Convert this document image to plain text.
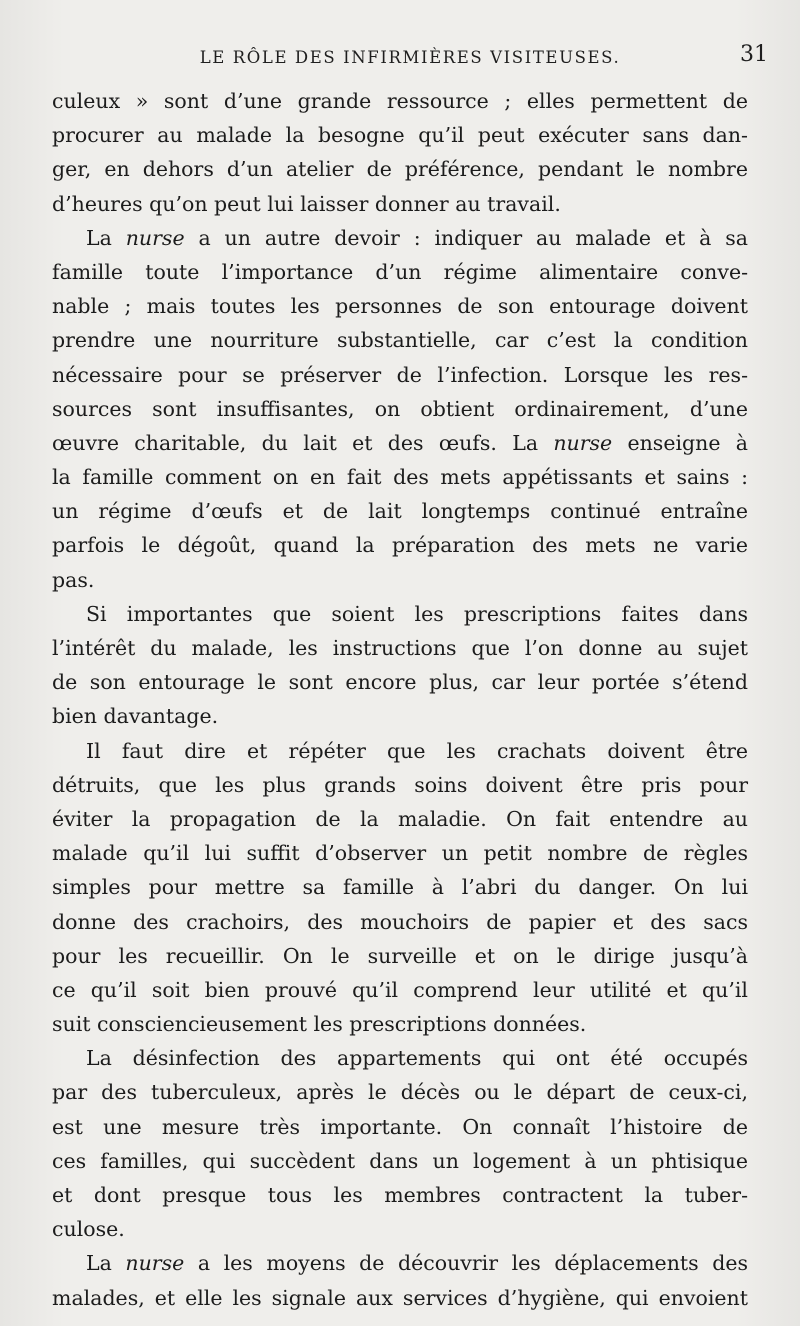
LE RÔLE DES INFIRMIÈRES VISITEUSES.	31
culeux » sont d’une grande ressource ; elles permettent de
procurer au malade la besogne qu’il peut exécuter sans dan-
ger, en dehors d’un atelier de préférence, pendant le nombre
d’heures qu’on peut lui laisser donner au travail.
La nurse a un autre devoir : indiquer au malade et à sa
famille toute l’importance d’un régime alimentaire conve-
nable ; mais toutes les personnes de son entourage doivent
prendre une nourriture substantielle, car c’est la condition
nécessaire pour se préserver de l’infection. Lorsque les res-
sources sont insuffisantes, on obtient ordinairement, d’une
œuvre charitable, du lait et des œufs. La nurse enseigne à
la famille comment on en fait des mets appétissants et sains :
un régime d’œufs et de lait longtemps continué entraîne
parfois le dégoût, quand la préparation des mets ne varie
pas.
Si importantes que soient les prescriptions faites dans
l’intérêt du malade, les instructions que l’on donne au sujet
de son entourage le sont encore plus, car leur portée s’étend
bien davantage.
Il faut dire et répéter que les crachats doivent être
détruits, que les plus grands soins doivent être pris pour
éviter la propagation de la maladie. On fait entendre au
malade qu’il lui suffit d’observer un petit nombre de règles
simples pour mettre sa famille à l’abri du danger. On lui
donne des crachoirs, des mouchoirs de papier et des sacs
pour les recueillir. On le surveille et on le dirige jusqu’à
ce qu’il soit bien prouvé qu’il comprend leur utilité et qu’il
suit consciencieusement les prescriptions données.
La désinfection des appartements qui ont été occupés
par des tuberculeux, après le décès ou le départ de ceux-ci,
est une mesure très importante. On connaît l’histoire de
ces familles, qui succèdent dans un logement à un phtisique
et dont presque tous les membres contractent la tuber-
culose.
La nurse a les moyens de découvrir les déplacements des
malades, et elle les signale aux services d’hygiène, qui envoient
